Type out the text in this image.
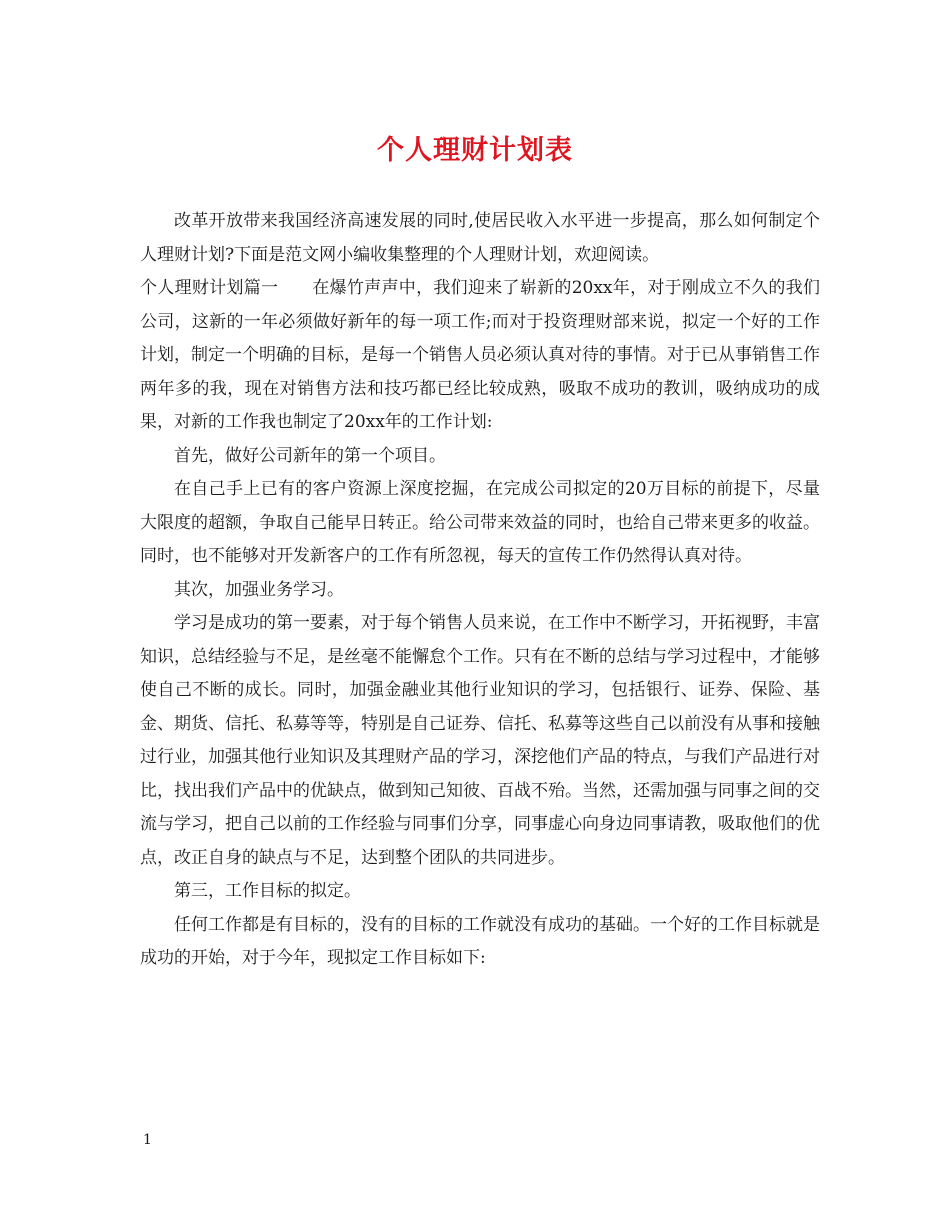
个人理财计划表

改革开放带来我国经济高速发展的同时,使居民收入水平进一步提高，那么如何制定个人理财计划?下面是范文网小编收集整理的个人理财计划，欢迎阅读。

个人理财计划篇一 在爆竹声声中，我们迎来了崭新的20xx年，对于刚成立不久的我们公司，这新的一年必须做好新年的每一项工作;而对于投资理财部来说，拟定一个好的工作计划，制定一个明确的目标，是每一个销售人员必须认真对待的事情。对于已从事销售工作两年多的我，现在对销售方法和技巧都已经比较成熟，吸取不成功的教训，吸纳成功的成果，对新的工作我也制定了20xx年的工作计划:

首先，做好公司新年的第一个项目。

在自己手上已有的客户资源上深度挖掘，在完成公司拟定的20万目标的前提下，尽量大限度的超额，争取自己能早日转正。给公司带来效益的同时，也给自己带来更多的收益。同时，也不能够对开发新客户的工作有所忽视，每天的宣传工作仍然得认真对待。

其次，加强业务学习。

学习是成功的第一要素，对于每个销售人员来说，在工作中不断学习，开拓视野，丰富知识，总结经验与不足，是丝毫不能懈怠个工作。只有在不断的总结与学习过程中，才能够使自己不断的成长。同时，加强金融业其他行业知识的学习，包括银行、证券、保险、基金、期货、信托、私募等等，特别是自己证券、信托、私募等这些自己以前没有从事和接触过行业，加强其他行业知识及其理财产品的学习，深挖他们产品的特点，与我们产品进行对比，找出我们产品中的优缺点，做到知己知彼、百战不殆。当然，还需加强与同事之间的交流与学习，把自己以前的工作经验与同事们分享，同事虚心向身边同事请教，吸取他们的优点，改正自身的缺点与不足，达到整个团队的共同进步。

第三，工作目标的拟定。

任何工作都是有目标的，没有的目标的工作就没有成功的基础。一个好的工作目标就是成功的开始，对于今年，现拟定工作目标如下:

1
